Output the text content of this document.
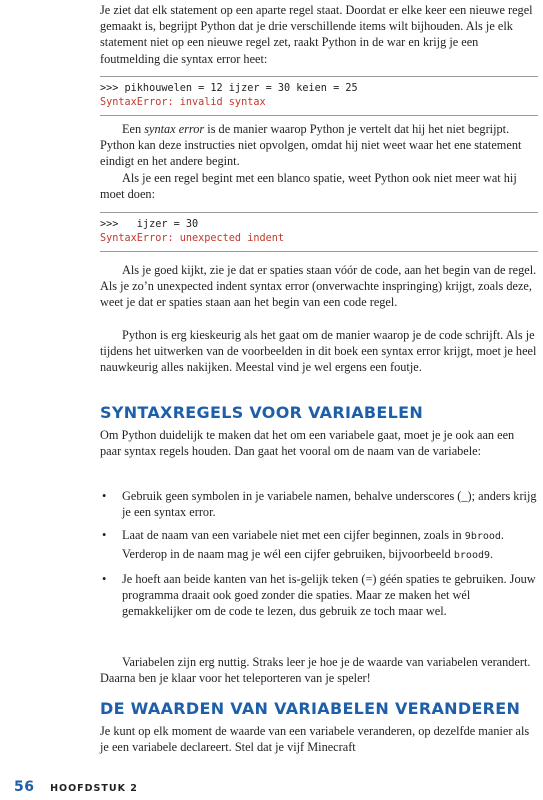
Je ziet dat elk statement op een aparte regel staat. Doordat er elke keer een nieuwe regel gemaakt is, begrijpt Python dat je drie verschillende items wilt bijhouden. Als je elk statement niet op een nieuwe regel zet, raakt Python in de war en krijg je een foutmelding die syntax error heet:

>>> pikhouwelen = 12 ijzer = 30 keien = 25
SyntaxError: invalid syntax

Een syntax error is de manier waarop Python je vertelt dat hij het niet begrijpt. Python kan deze instructies niet opvolgen, omdat hij niet weet waar het ene statement eindigt en het andere begint.

Als je een regel begint met een blanco spatie, weet Python ook niet meer wat hij moet doen:

>>>   ijzer = 30
SyntaxError: unexpected indent

Als je goed kijkt, zie je dat er spaties staan vóór de code, aan het begin van de regel. Als je zo’n unexpected indent syntax error (onverwachte inspringing) krijgt, zoals deze, weet je dat er spaties staan aan het begin van een code regel.

Python is erg kieskeurig als het gaat om de manier waarop je de code schrijft. Als je tijdens het uitwerken van de voorbeelden in dit boek een syntax error krijgt, moet je heel nauwkeurig alles nakijken. Meestal vind je wel ergens een foutje.

SYNTAXREGELS VOOR VARIABELEN

Om Python duidelijk te maken dat het om een variabele gaat, moet je je ook aan een paar syntax regels houden. Dan gaat het vooral om de naam van de variabele:

• Gebruik geen symbolen in je variabele namen, behalve underscores (_); anders krijg je een syntax error.
• Laat de naam van een variabele niet met een cijfer beginnen, zoals in 9brood. Verderop in de naam mag je wél een cijfer gebruiken, bijvoorbeeld brood9.
• Je hoeft aan beide kanten van het is-gelijk teken (=) géén spaties te gebruiken. Jouw programma draait ook goed zonder die spaties. Maar ze maken het wél gemakkelijker om de code te lezen, dus gebruik ze toch maar wel.

Variabelen zijn erg nuttig. Straks leer je hoe je de waarde van variabelen verandert. Daarna ben je klaar voor het teleporteren van je speler!

DE WAARDEN VAN VARIABELEN VERANDEREN

Je kunt op elk moment de waarde van een variabele veranderen, op dezelfde manier als je een variabele declareert. Stel dat je vijf Minecraft

56 HOOFDSTUK 2
